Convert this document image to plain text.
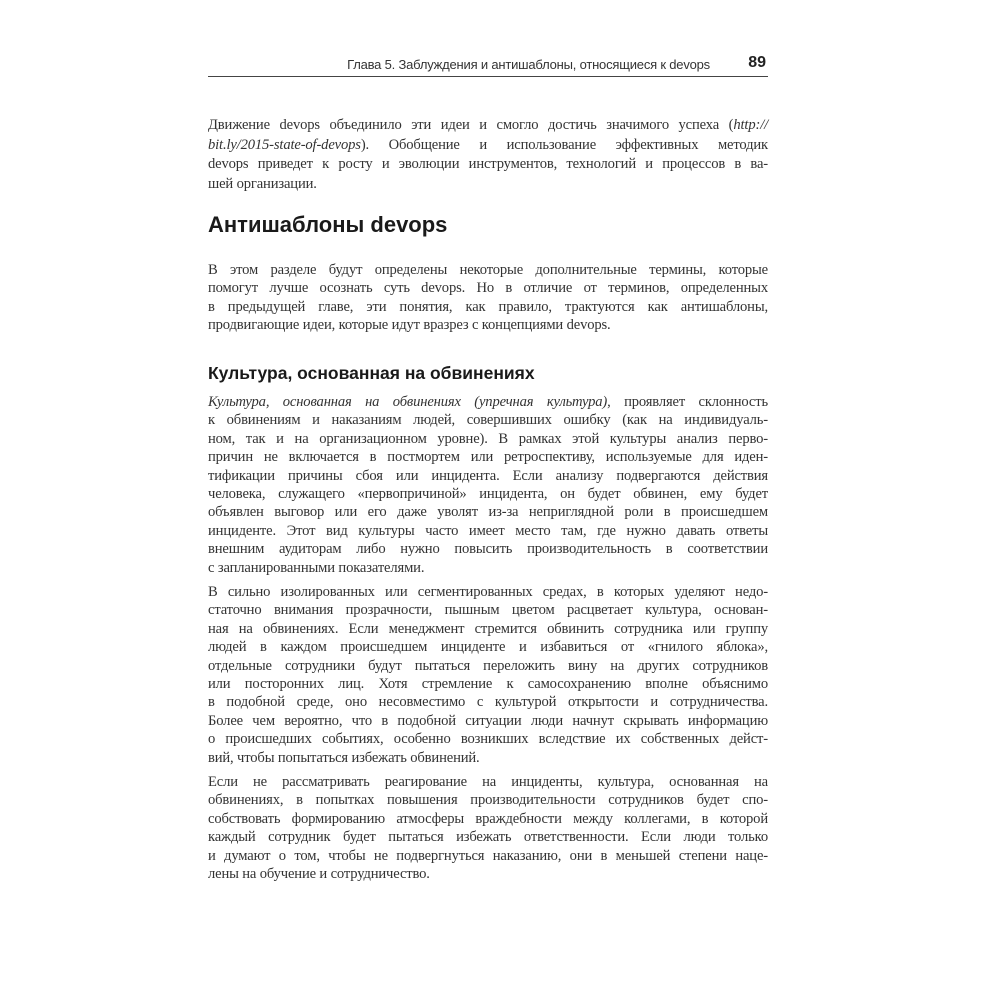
Глава 5. Заблуждения и антишаблоны, относящиеся к devops 89
Движение devops объединило эти идеи и смогло достичь значимого успеха (http://
bit.ly/2015-state-of-devops). Обобщение и использование эффективных методик
devops приведет к росту и эволюции инструментов, технологий и процессов в ва-
шей организации.
Антишаблоны devops
В этом разделе будут определены некоторые дополнительные термины, которые
помогут лучше осознать суть devops. Но в отличие от терминов, определенных
в предыдущей главе, эти понятия, как правило, трактуются как антишаблоны,
продвигающие идеи, которые идут вразрез с концепциями devops.
Культура, основанная на обвинениях
Культура, основанная на обвинениях (упречная культура), проявляет склонность
к обвинениям и наказаниям людей, совершивших ошибку (как на индивидуаль-
ном, так и на организационном уровне). В рамках этой культуры анализ перво-
причин не включается в постмортем или ретроспективу, используемые для иден-
тификации причины сбоя или инцидента. Если анализу подвергаются действия
человека, служащего «первопричиной» инцидента, он будет обвинен, ему будет
объявлен выговор или его даже уволят из-за неприглядной роли в происшедшем
инциденте. Этот вид культуры часто имеет место там, где нужно давать ответы
внешним аудиторам либо нужно повысить производительность в соответствии
с запланированными показателями.
В сильно изолированных или сегментированных средах, в которых уделяют недо-
статочно внимания прозрачности, пышным цветом расцветает культура, основан-
ная на обвинениях. Если менеджмент стремится обвинить сотрудника или группу
людей в каждом происшедшем инциденте и избавиться от «гнилого яблока»,
отдельные сотрудники будут пытаться переложить вину на других сотрудников
или посторонних лиц. Хотя стремление к самосохранению вполне объяснимо
в подобной среде, оно несовместимо с культурой открытости и сотрудничества.
Более чем вероятно, что в подобной ситуации люди начнут скрывать информацию
о происшедших событиях, особенно возникших вследствие их собственных дейст-
вий, чтобы попытаться избежать обвинений.
Если не рассматривать реагирование на инциденты, культура, основанная на
обвинениях, в попытках повышения производительности сотрудников будет спо-
собствовать формированию атмосферы враждебности между коллегами, в которой
каждый сотрудник будет пытаться избежать ответственности. Если люди только
и думают о том, чтобы не подвергнуться наказанию, они в меньшей степени наце-
лены на обучение и сотрудничество.
